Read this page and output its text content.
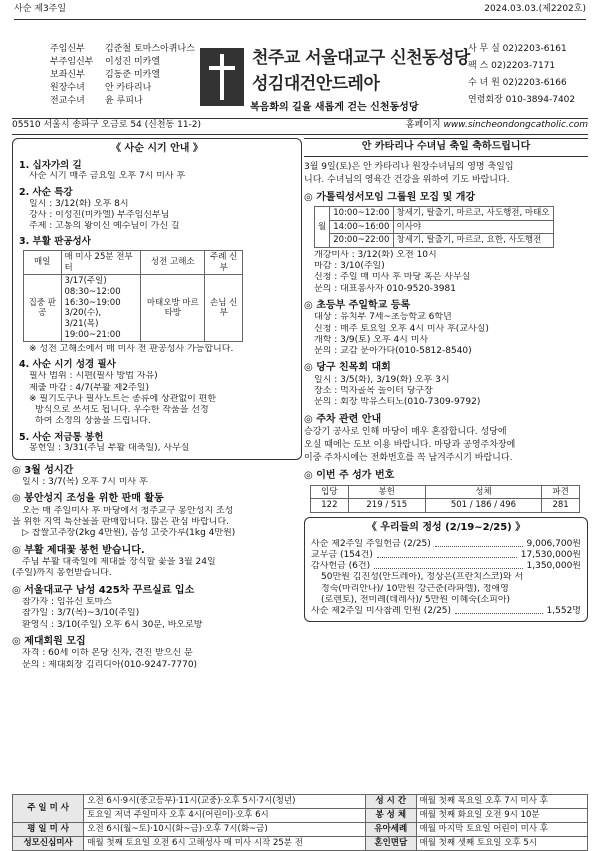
사순 제3주일	2024.03.03.(제2202호)
주임신부	김준철 토마스아퀴나스
부주임신부	이성진 미카엘
보좌신부	김동준 미카엘
원장수녀	안 카타리나
전교수녀	윤 루피나
천주교 서울대교구 신천동성당
성김대건안드레아
복음화의 길을 새롭게 걷는 신천동성당
사 무 실 02)2203-6161
팩 스 02)2203-7171
수 녀 원 02)2203-6166
연령회장 010-3894-7402
05510 서울시 송파구 오금로 54 (신천동 11-2)	홈페이지 www.sincheondongcatholic.com
《 사순 시기 안내 》
1. 십자가의 길
사순 시기 매주 금요일 오후 7시 미사 후
2. 사순 특강
일시 : 3/12(화) 오후 8시
강사 : 이성진(미카엘) 부주임신부님
주제 : 고통의 왕이신 예수님이 가신 길
3. 부활 판공성사
매일	매 미사 25분 전부터	성전 고해소	주례 신부
집중 판공	3/17(주일)
08:30~12:00
16:30~19:00
3/20(수), 3/21(목)
19:00~21:00	마태오방 마르타방	손님 신부
※ 성전 고해소에서 매 미사 전 판공성사 가능합니다.
4. 사순 시기 성경 필사
필사 범위 : 시편(필사 방법 자유)
제출 마감 : 4/7(부활 제2주일)
※ 필기도구나 필사노트는 종류에 상관없이 편한
방식으로 쓰셔도 됩니다. 우수한 작품을 선정
하여 소정의 상품을 드립니다.
5. 사순 저금통 봉헌
봉헌일 : 3/31(주님 부활 대축일), 사무실
◎ 3월 성시간
일시 : 3/7(목) 오후 7시 미사 후
◎ 봉안성지 조성을 위한 판매 활동
오는 매 주일미사 후 마당에서 청주교구 봉안성지 조성
을 위한 지역 특산물을 판매합니다. 많은 관심 바랍니다.
▷ 찹쌀고추장(2kg 4만원), 음성 고춧가루(1kg 4만원)
◎ 부활 제대꽃 봉헌 받습니다.
주님 부활 대축일에 제대를 장식할 꽃을 3월 24일
(주일)까지 봉헌받습니다.
◎ 서울대교구 남성 425차 꾸르실료 입소
참가자 : 임유신 토마스
참가일 : 3/7(목)~3/10(주일)
환영식 : 3/10(주일) 오후 6시 30분, 바오로방
◎ 제대회원 모집
자격 : 60세 이하 본당 신자, 견진 받으신 분
문의 : 제대회장 김리디아(010-9247-7770)
안 카타리나 수녀님 축일 축하드립니다
3월 9일(토)은 안 카타리나 원장수녀님의 영명 축일입
니다. 수녀님의 영육간 건강을 위하여 기도 바랍니다.
◎ 가톨릭성서모임 그룹원 모집 및 개강
월	10:00~12:00	창세기, 탈출기, 마르코, 사도행전, 마태오
	14:00~16:00	이사야
	20:00~22:00	창세기, 탈출기, 마르코, 요한, 사도행전
개강미사 : 3/12(화) 오전 10시
마감 : 3/10(주일)
신청 : 주일 매 미사 후 마당 혹은 사무실
문의 : 대표봉사자 010-9520-3981
◎ 초등부 주일학교 등록
대상 : 유치부 7세~초등학교 6학년
신청 : 매주 토요일 오후 4시 미사 후(교사실)
개학 : 3/9(토) 오후 4시 미사
문의 : 교감 문아가다(010-5812-8540)
◎ 당구 친목회 대회
일시 : 3/5(화), 3/19(화) 오후 3시
장소 : 먹자골목 놀이터 당구장
문의 : 회장 박유스티노(010-7309-9792)
◎ 주차 관련 안내
승강기 공사로 인해 마당이 매우 혼잡합니다. 성당에
오실 때에는 도보 이용 바랍니다. 마당과 공영주차장에
이중 주차시에는 전화번호를 꼭 남겨주시기 바랍니다.
◎ 이번 주 성가 번호
입당	봉헌	성체	파견
122	219 / 515	501 / 186 / 496	281
《 우리들의 정성 (2/19~2/25) 》
사순 제2주일 주일헌금 (2/25)	9,006,700원
교무금 (154건)	17,530,000원
감사헌금 (6건)	1,350,000원
50만원 김진성(안드레아), 정상은(프란치스코)와 서
정숙(마리안나)/ 10만원 강근준(라파엘), 정애영
(로렌토), 전미례(데레사)/ 5만원 이혜숙(소피아)
사순 제2주일 미사참례 인원 (2/25)	1,552명
주 일 미 사	오전 6시·9시(중고등부)·11시(교중)·오후 5시·7시(청년)	성 시 간	매월 첫째 목요일 오후 7시 미사 후
	토요일 저녁 주일미사 오후 4시(어린이)·오후 6시	봉 성 체	매월 첫째 화요일 오전 9시 10분
평 일 미 사	오전 6시(월~토)·10시(화~금)·오후 7시(화~금)	유아세례	매월 마지막 토요일 어린이 미사 후
성모신심미사	매월 첫째 토요일 오전 6시 고해성사 매 미사 시작 25분 전	혼인면담	매월 첫째 셋째 토요일 오후 5시
